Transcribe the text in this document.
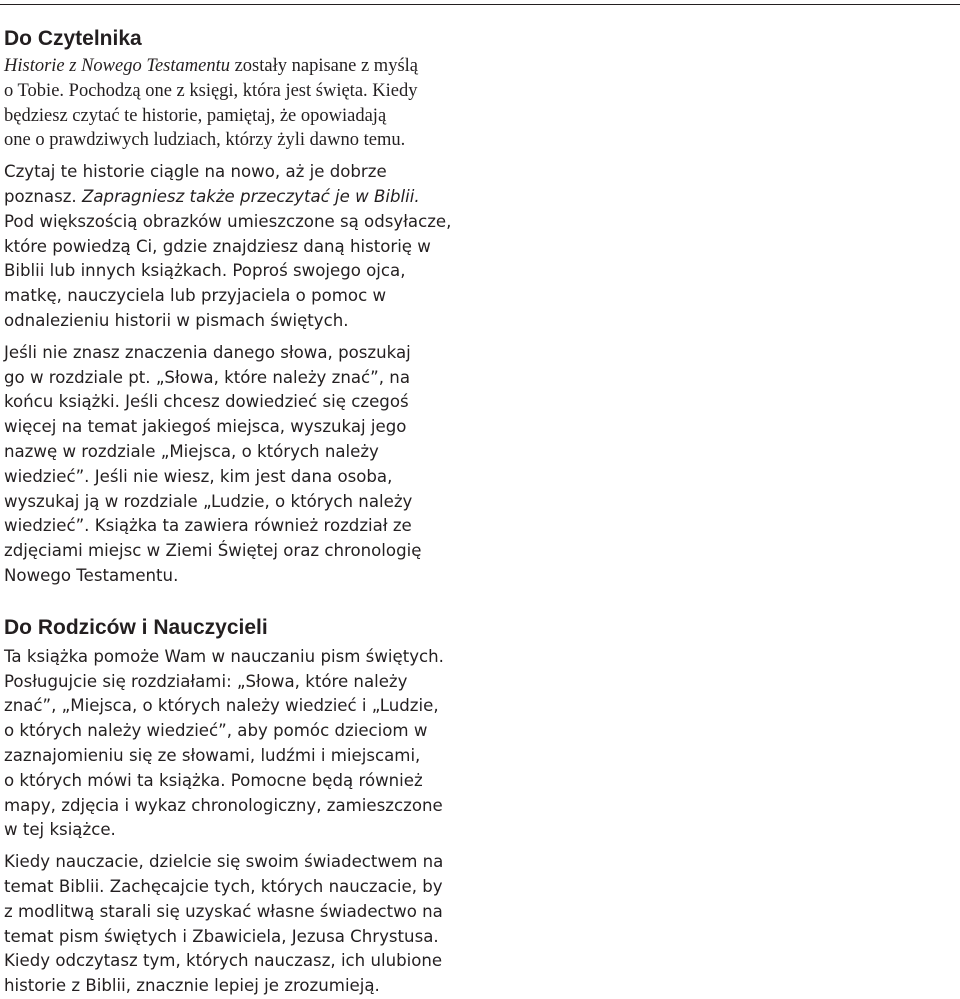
Do Czytelnika
Historie z Nowego Testamentu zostały napisane z myślą
o Tobie. Pochodzą one z księgi, która jest święta. Kiedy
będziesz czytać te historie, pamiętaj, że opowiadają
one o prawdziwych ludziach, którzy żyli dawno temu.
Czytaj te historie ciągle na nowo, aż je dobrze
poznasz. Zapragniesz także przeczytać je w Biblii.
Pod większością obrazków umieszczone są odsyłacze,
które powiedzą Ci, gdzie znajdziesz daną historię w
Biblii lub innych książkach. Poproś swojego ojca,
matkę, nauczyciela lub przyjaciela o pomoc w
odnalezieniu historii w pismach świętych.
Jeśli nie znasz znaczenia danego słowa, poszukaj
go w rozdziale pt. „Słowa, które należy znać”, na
końcu książki. Jeśli chcesz dowiedzieć się czegoś
więcej na temat jakiegoś miejsca, wyszukaj jego
nazwę w rozdziale „Miejsca, o których należy
wiedzieć”. Jeśli nie wiesz, kim jest dana osoba,
wyszukaj ją w rozdziale „Ludzie, o których należy
wiedzieć”. Książka ta zawiera również rozdział ze
zdjęciami miejsc w Ziemi Świętej oraz chronologię
Nowego Testamentu.
Do Rodziców i Nauczycieli
Ta książka pomoże Wam w nauczaniu pism świętych.
Posługujcie się rozdziałami: „Słowa, które należy
znać”, „Miejsca, o których należy wiedzieć i „Ludzie,
o których należy wiedzieć”, aby pomóc dzieciom w
zaznajomieniu się ze słowami, ludźmi i miejscami,
o których mówi ta książka. Pomocne będą również
mapy, zdjęcia i wykaz chronologiczny, zamieszczone
w tej książce.
Kiedy nauczacie, dzielcie się swoim świadectwem na
temat Biblii. Zachęcajcie tych, których nauczacie, by
z modlitwą starali się uzyskać własne świadectwo na
temat pism świętych i Zbawiciela, Jezusa Chrystusa.
Kiedy odczytasz tym, których nauczasz, ich ulubione
historie z Biblii, znacznie lepiej je zrozumieją.
